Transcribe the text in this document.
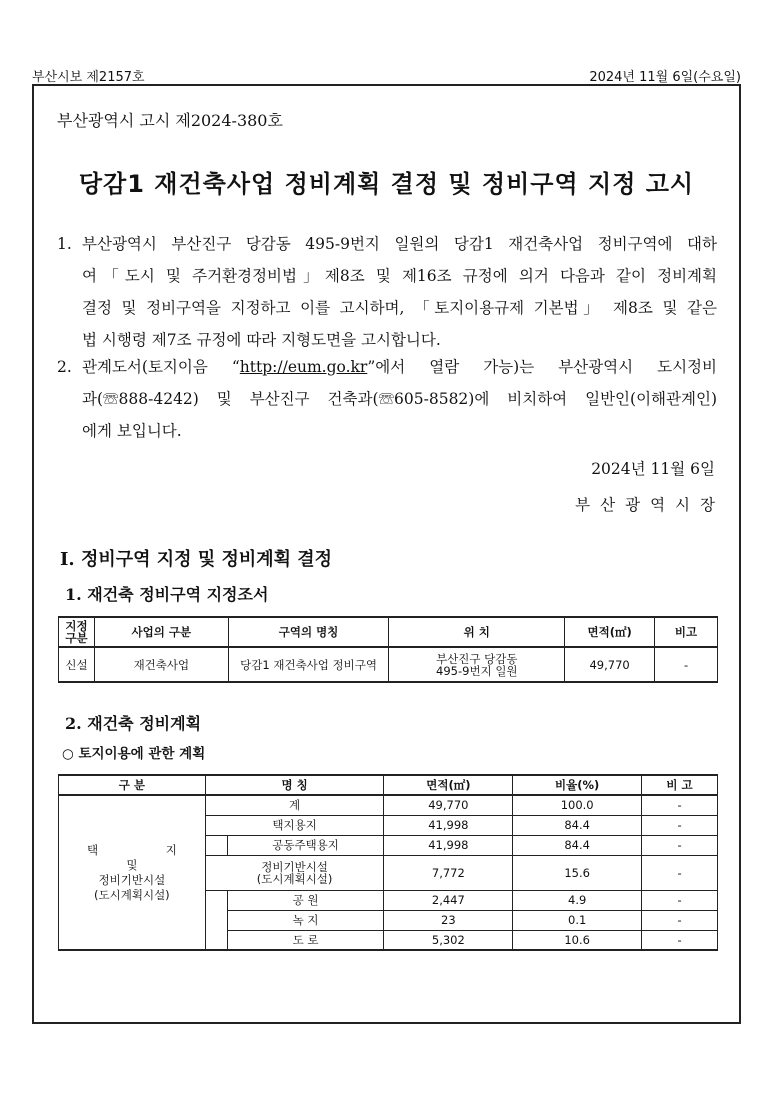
부산시보 제2157호	2024년 11월 6일(수요일)
부산광역시 고시 제2024-380호
당감1 재건축사업 정비계획 결정 및 정비구역 지정 고시
1. 부산광역시 부산진구 당감동 495-9번지 일원의 당감1 재건축사업 정비구역에 대하
여「도시 및 주거환경정비법」제8조 및 제16조 규정에 의거 다음과 같이 정비계획
결정 및 정비구역을 지정하고 이를 고시하며, 「토지이용규제 기본법」 제8조 및 같은
법 시행령 제7조 규정에 따라 지형도면을 고시합니다.
2. 관계도서(토지이음 “http://eum.go.kr”에서 열람 가능)는 부산광역시 도시정비
과(☏888-4242) 및 부산진구 건축과(☏605-8582)에 비치하여 일반인(이해관계인)
에게 보입니다.
2024년 11월 6일
부산광역시장
Ⅰ. 정비구역 지정 및 정비계획 결정
1. 재건축 정비구역 지정조서
지정
구분	사업의 구분	구역의 명칭	위 치	면적(㎡)	비고
신설	재건축사업	당감1 재건축사업 정비구역	부산진구 당감동
495-9번지 일원	49,770	-
2. 재건축 정비계획
○ 토지이용에 관한 계획
구 분	명 칭		면적(㎡)	비율(%)	비 고
택 지
및
정비기반시설
(도시계획시설)	계		49,770	100.0	-
	택지용지		41,998	84.4	-
		공동주택용지	41,998	84.4	-
	정비기반시설
(도시계획시설)		7,772	15.6	-
		공 원	2,447	4.9	-
		녹 지	23	0.1	-
		도 로	5,302	10.6	-
